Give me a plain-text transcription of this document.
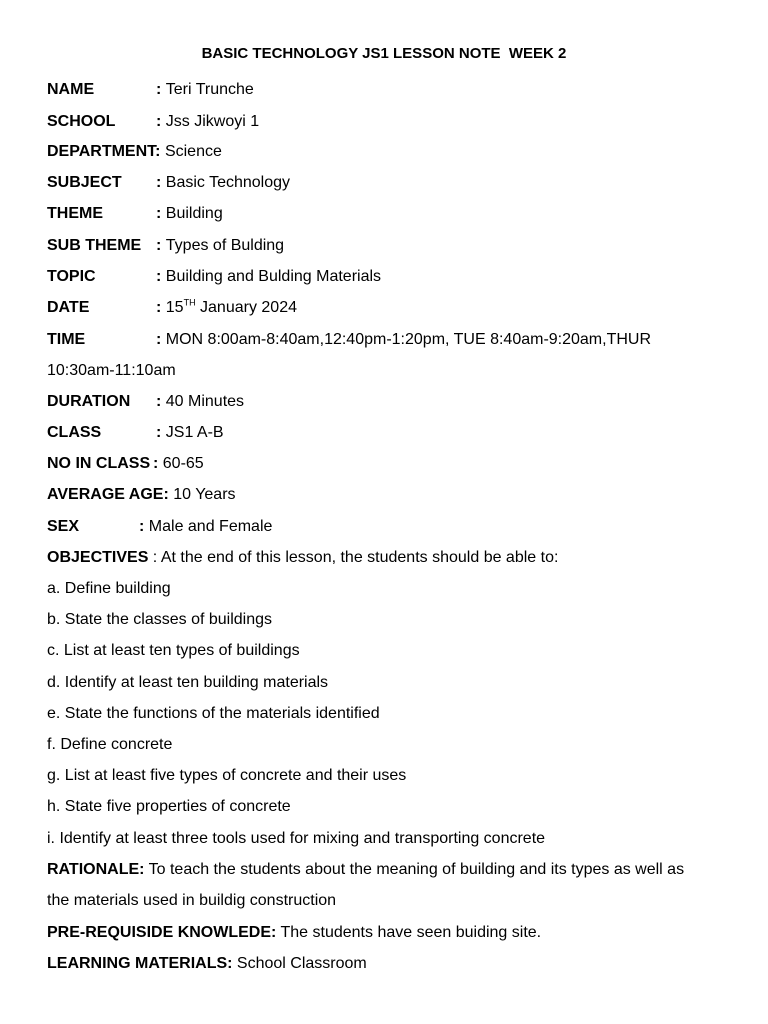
BASIC TECHNOLOGY JS1 LESSON NOTE  WEEK 2
NAME	: Teri Trunche
SCHOOL	: Jss Jikwoyi 1
DEPARTMENT: Science
SUBJECT : Basic Technology
THEME	: Building
SUB THEME : Types of Bulding
TOPIC	: Building and Bulding Materials
DATE	: 15TH January 2024
TIME	: MON 8:00am-8:40am,12:40pm-1:20pm, TUE 8:40am-9:20am,THUR
10:30am-11:10am
DURATION : 40 Minutes
CLASS	: JS1 A-B
NO IN CLASS : 60-65
AVERAGE AGE: 10 Years
SEX	: Male and Female
OBJECTIVES : At the end of this lesson, the students should be able to:
a. Define building
b. State the classes of buildings
c. List at least ten types of buildings
d. Identify at least ten building materials
e. State the functions of the materials identified
f. Define concrete
g. List at least five types of concrete and their uses
h. State five properties of concrete
i. Identify at least three tools used for mixing and transporting concrete
RATIONALE: To teach the students about the meaning of building and its types as well as
the materials used in buildig construction
PRE-REQUISIDE KNOWLEDE: The students have seen buiding site.
LEARNING MATERIALS: School Classroom
